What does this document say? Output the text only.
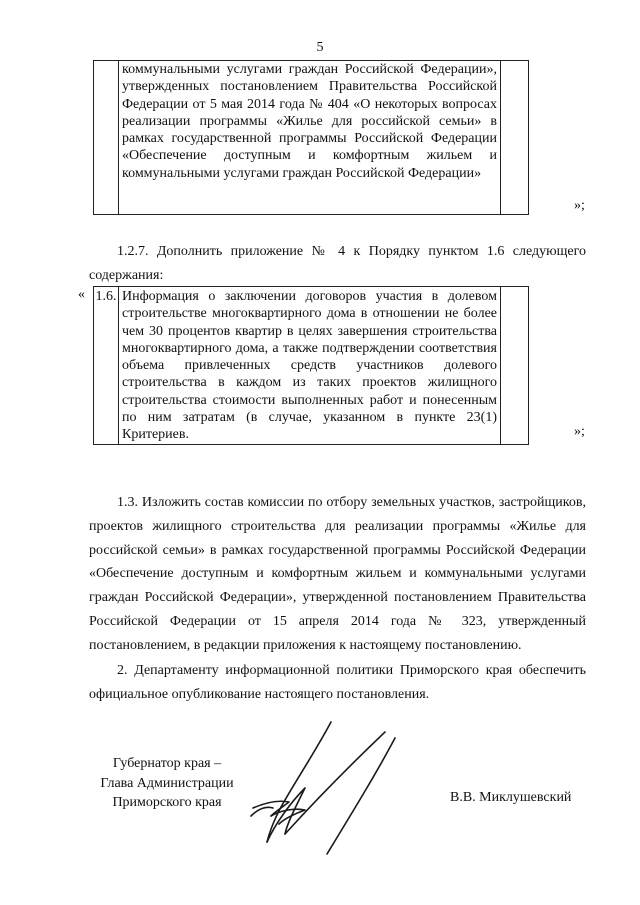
5
	коммунальными услугами граждан Российской Федерации», утвержденных постановлением Правительства Российской Федерации от 5 мая 2014 года № 404 «О некоторых вопросах реализации программы «Жилье для российской семьи» в рамках государственной программы Российской Федерации «Обеспечение доступным и комфортным жильем и коммунальными услугами граждан Российской Федерации»	
»;

1.2.7. Дополнить приложение № 4 к Порядку пунктом 1.6 следующего содержания:

« 1.6.	Информация о заключении договоров участия в долевом строительстве многоквартирного дома в отношении не более чем 30 процентов квартир в целях завершения строительства многоквартирного дома, а также подтверждении соответствия объема привлеченных средств участников долевого строительства в каждом из таких проектов жилищного строительства стоимости выполненных работ и понесенным по ним затратам (в случае, указанном в пункте 23(1) Критериев.		»;

1.3. Изложить состав комиссии по отбору земельных участков, застройщиков, проектов жилищного строительства для реализации программы «Жилье для российской семьи» в рамках государственной программы Российской Федерации «Обеспечение доступным и комфортным жильем и коммунальными услугами граждан Российской Федерации», утвержденной постановлением Правительства Российской Федерации от 15 апреля 2014 года № 323, утвержденный постановлением, в редакции приложения к настоящему постановлению.

2. Департаменту информационной политики Приморского края обеспечить официальное опубликование настоящего постановления.

Губернатор края –
Глава Администрации
Приморского края	В.В. Миклушевский
